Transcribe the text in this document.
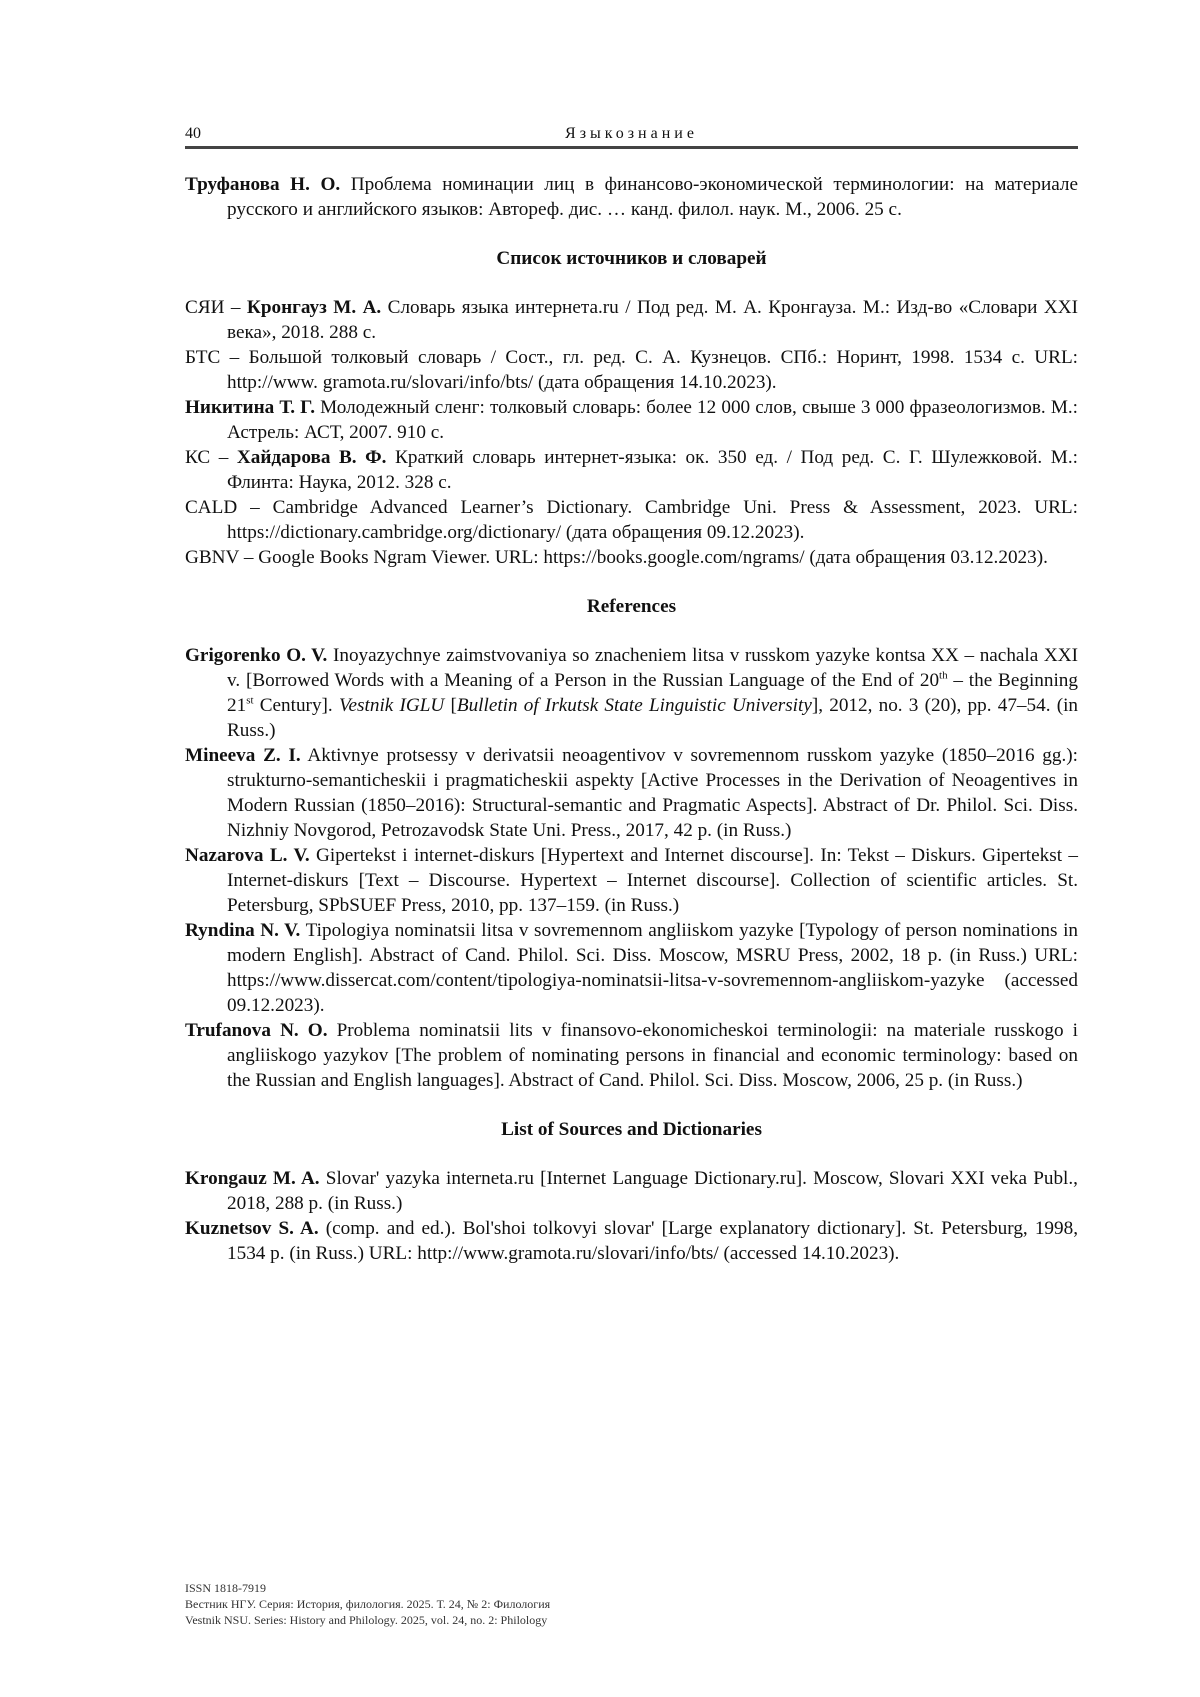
40	Языкознание

Труфанова Н. О. Проблема номинации лиц в финансово-экономической терминологии: на материале русского и английского языков: Автореф. дис. … канд. филол. наук. М., 2006. 25 с.

Список источников и словарей

СЯИ – Кронгауз М. А. Словарь языка интернета.ru / Под ред. М. А. Кронгауза. М.: Изд-во «Словари XXI века», 2018. 288 с.

БТС – Большой толковый словарь / Сост., гл. ред. С. А. Кузнецов. СПб.: Норинт, 1998. 1534 с. URL: http://www. gramota.ru/slovari/info/bts/ (дата обращения 14.10.2023).

Никитина Т. Г. Молодежный сленг: толковый словарь: более 12 000 слов, свыше 3 000 фразеологизмов. М.: Астрель: АСТ, 2007. 910 с.

КС – Хайдарова В. Ф. Краткий словарь интернет-языка: ок. 350 ед. / Под ред. С. Г. Шулежковой. М.: Флинта: Наука, 2012. 328 с.

CALD – Cambridge Advanced Learner’s Dictionary. Cambridge Uni. Press & Assessment, 2023. URL: https://dictionary.cambridge.org/dictionary/ (дата обращения 09.12.2023).

GBNV – Google Books Ngram Viewer. URL: https://books.google.com/ngrams/ (дата обращения 03.12.2023).

References

Grigorenko O. V. Inoyazychnye zaimstvovaniya so znacheniem litsa v russkom yazyke kontsa XX – nachala XXI v. [Borrowed Words with a Meaning of a Person in the Russian Language of the End of 20th – the Beginning 21st Century]. Vestnik IGLU [Bulletin of Irkutsk State Linguistic University], 2012, no. 3 (20), pp. 47–54. (in Russ.)

Mineeva Z. I. Aktivnye protsessy v derivatsii neoagentivov v sovremennom russkom yazyke (1850–2016 gg.): strukturno-semanticheskii i pragmaticheskii aspekty [Active Processes in the Derivation of Neoagentives in Modern Russian (1850–2016): Structural-semantic and Pragmatic Aspects]. Abstract of Dr. Philol. Sci. Diss. Nizhniy Novgorod, Petrozavodsk State Uni. Press., 2017, 42 p. (in Russ.)

Nazarova L. V. Gipertekst i internet-diskurs [Hypertext and Internet discourse]. In: Tekst – Diskurs. Gipertekst – Internet-diskurs [Text – Discourse. Hypertext – Internet discourse]. Collection of scientific articles. St. Petersburg, SPbSUEF Press, 2010, pp. 137–159. (in Russ.)

Ryndina N. V. Tipologiya nominatsii litsa v sovremennom angliiskom yazyke [Typology of person nominations in modern English]. Abstract of Cand. Philol. Sci. Diss. Moscow, MSRU Press, 2002, 18 p. (in Russ.) URL: https://www.dissercat.com/content/tipologiya-nominatsii-litsa-v-sovremennom-angliiskom-yazyke (accessed 09.12.2023).

Trufanova N. O. Problema nominatsii lits v finansovo-ekonomicheskoi terminologii: na materiale russkogo i angliiskogo yazykov [The problem of nominating persons in financial and economic terminology: based on the Russian and English languages]. Abstract of Cand. Philol. Sci. Diss. Moscow, 2006, 25 p. (in Russ.)

List of Sources and Dictionaries

Krongauz M. A. Slovar' yazyka interneta.ru [Internet Language Dictionary.ru]. Moscow, Slovari XXI veka Publ., 2018, 288 p. (in Russ.)

Kuznetsov S. A. (comp. and ed.). Bol'shoi tolkovyi slovar' [Large explanatory dictionary]. St. Petersburg, 1998, 1534 p. (in Russ.) URL: http://www.gramota.ru/slovari/info/bts/ (accessed 14.10.2023).

ISSN 1818-7919
Вестник НГУ. Серия: История, филология. 2025. Т. 24, № 2: Филология
Vestnik NSU. Series: History and Philology. 2025, vol. 24, no. 2: Philology
